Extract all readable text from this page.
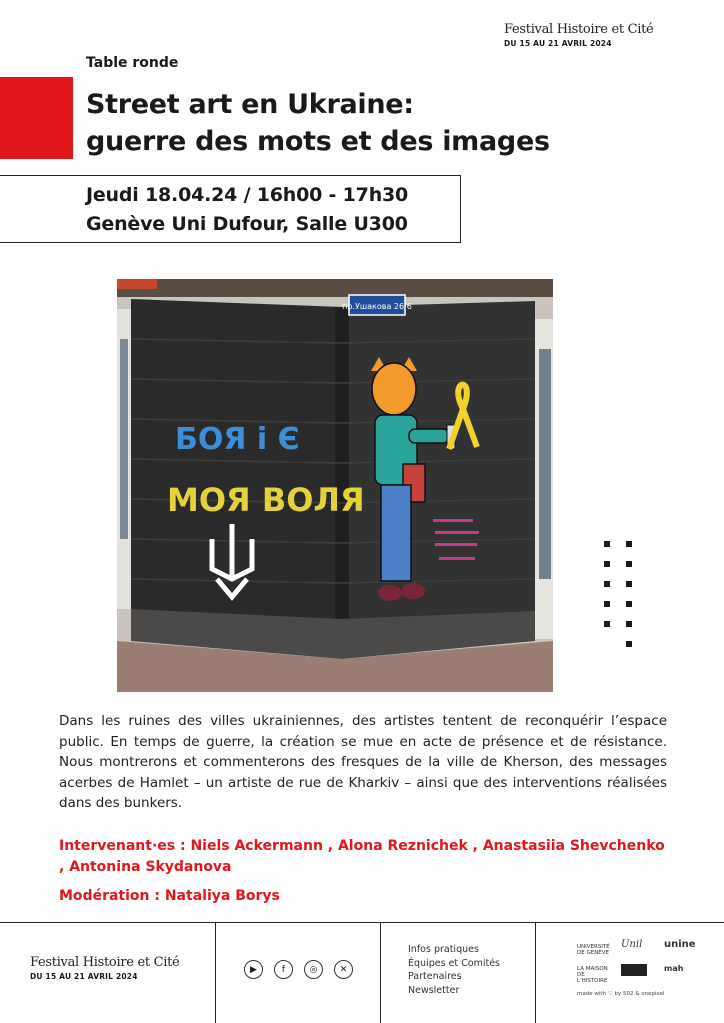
Festival Histoire et Cité
DU 15 AU 21 AVRIL 2024
Table ronde
Street art en Ukraine:
guerre des mots et des images
Jeudi 18.04.24 / 16h00 - 17h30
Genève Uni Dufour, Salle U300
пр.Ушакова 26/6
БОЯ і Є
МОЯ ВОЛЯ
Dans les ruines des villes ukrainiennes, des artistes tentent de reconquérir l’espace public. En temps de guerre, la création se mue en acte de présence et de résistance. Nous montrerons et commenterons des fresques de la ville de Kherson, des messages acerbes de Hamlet – un artiste de rue de Kharkiv – ainsi que des interventions réalisées dans des bunkers.
Intervenant·es : Niels Ackermann , Alona Reznichek , Anastasiia Shevchenko , Antonina Skydanova
Modération : Nataliya Borys
Festival Histoire et Cité
DU 15 AU 21 AVRIL 2024
▶	f	◎	✕
Infos pratiques
Équipes et Comités
Partenaires
Newsletter
UNIVERSITÉ DE GENÈVE
Unil unine
LA MAISON DE L'HISTOIRE
mah
made with ♡ by 502 & onepixel
